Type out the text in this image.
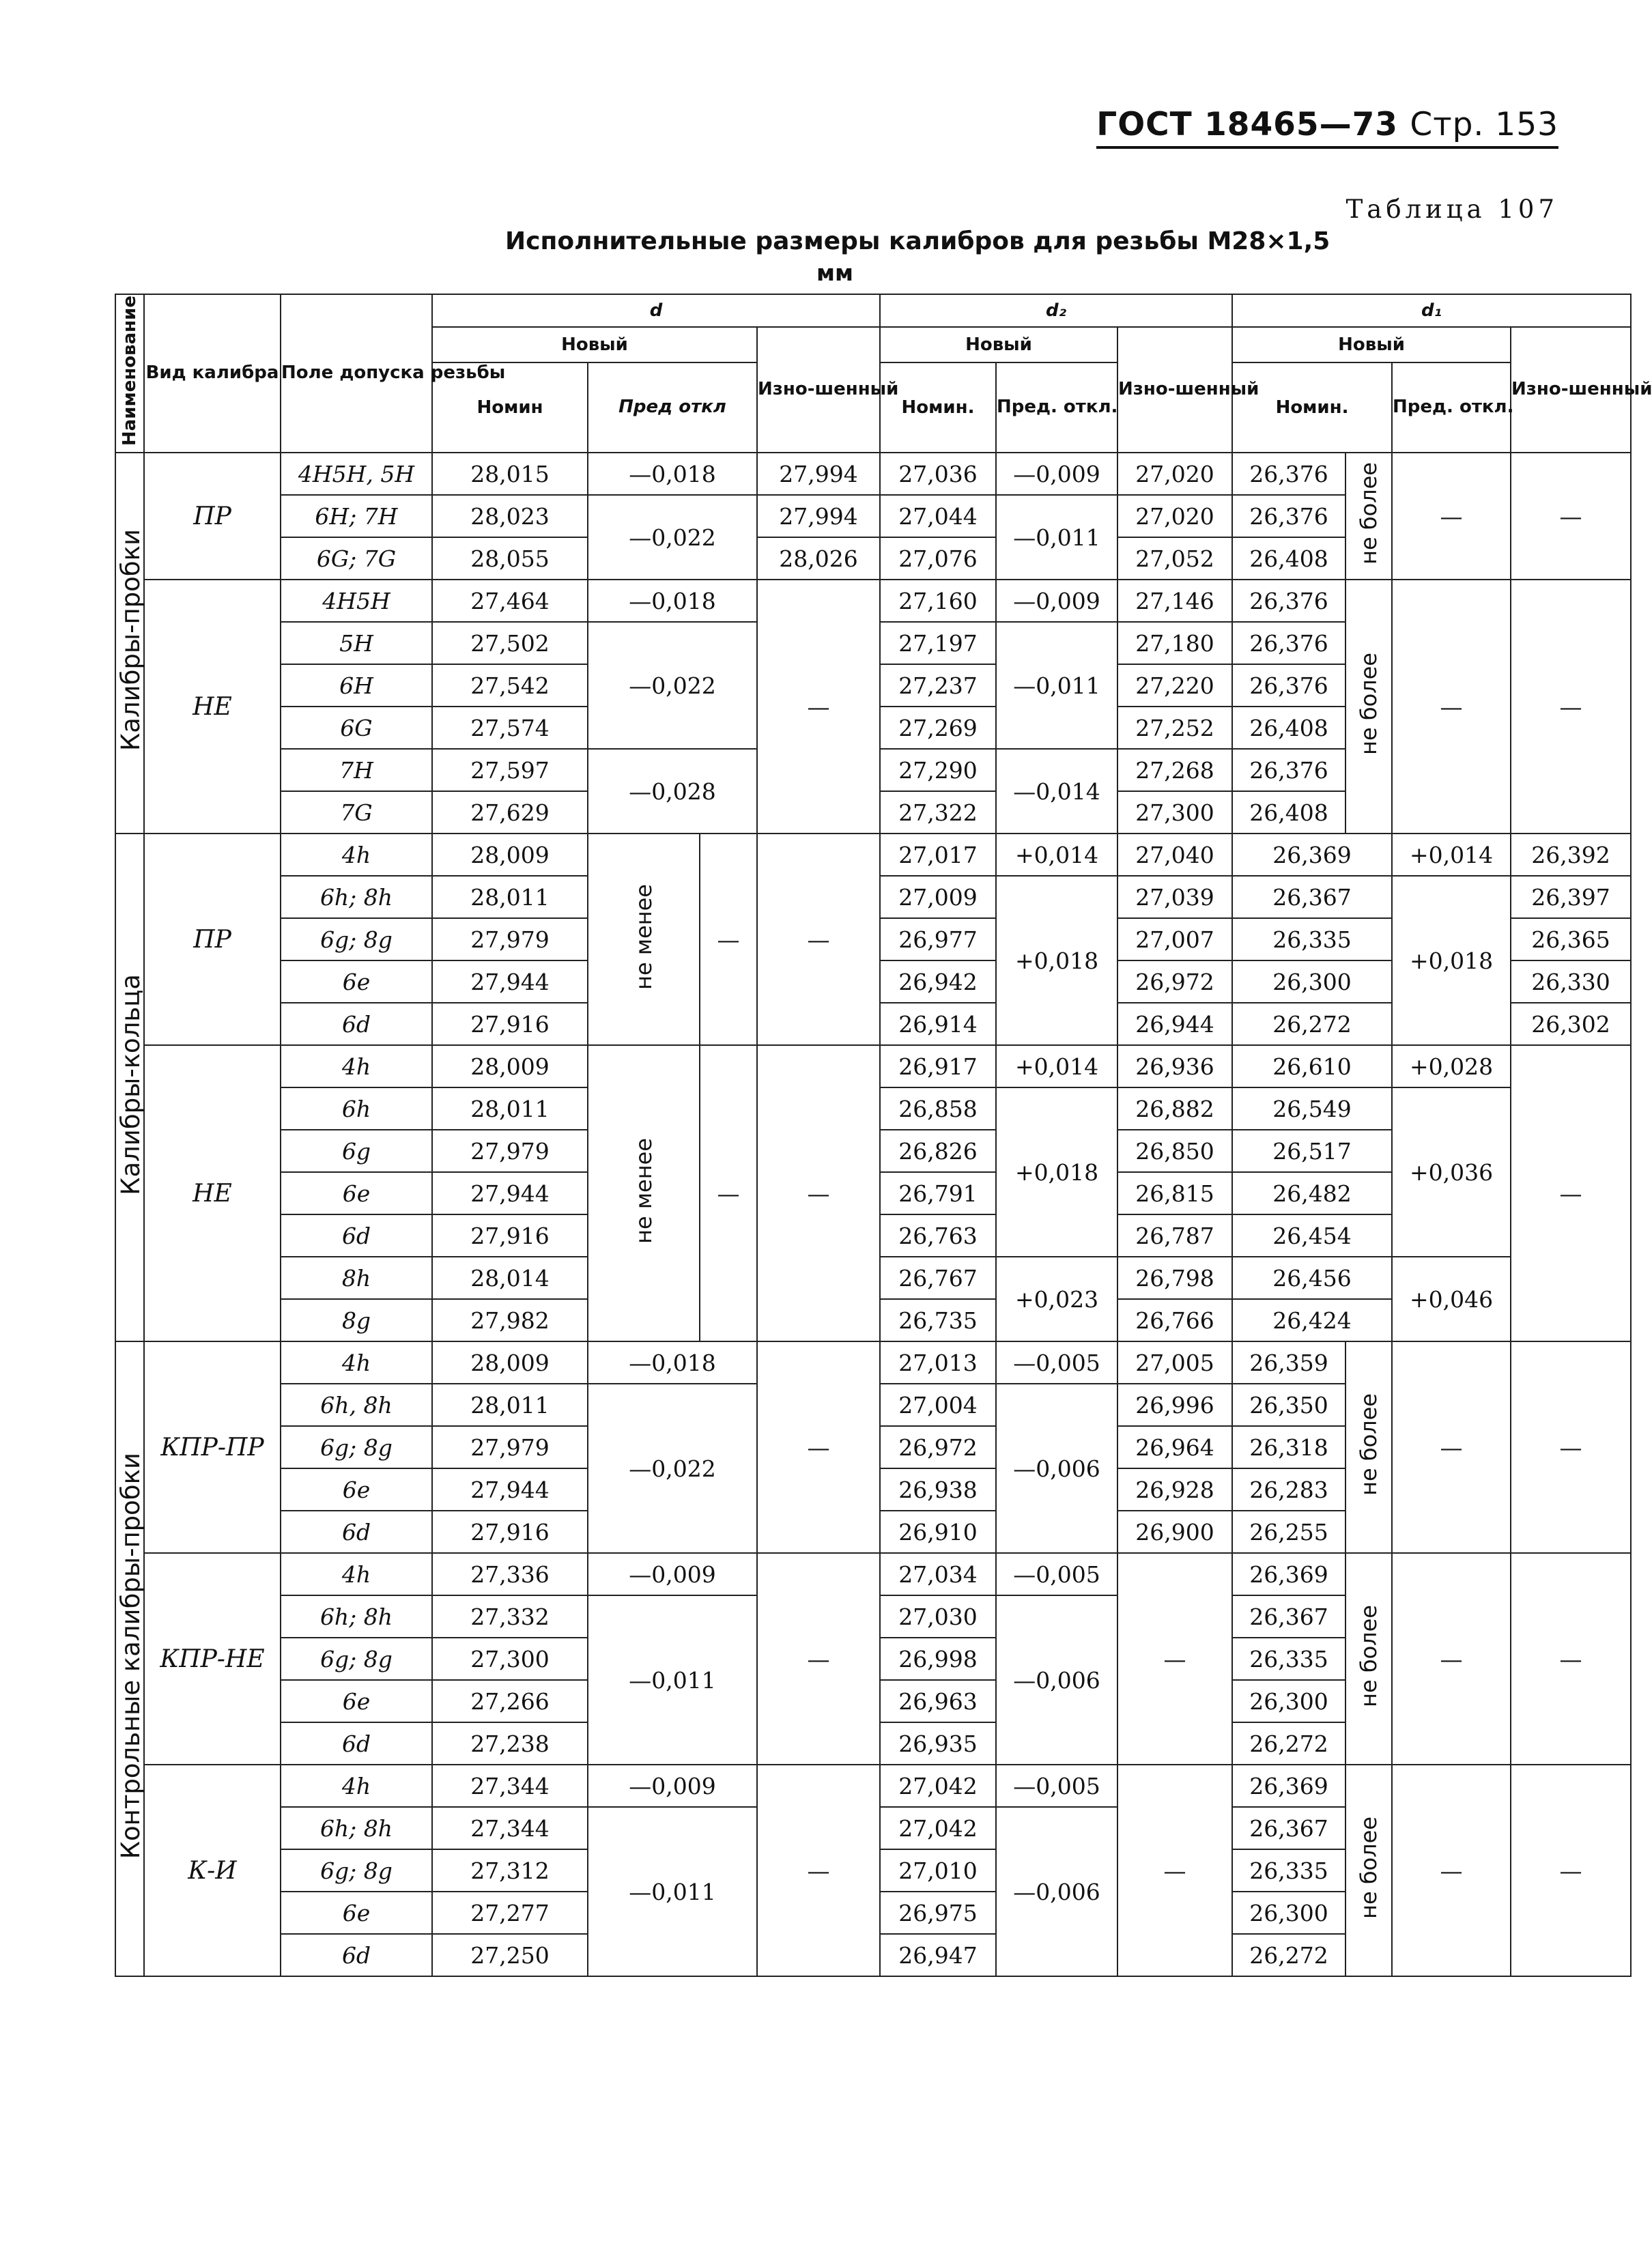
ГОСТ 18465—73 Стр. 153
Таблица 107
Исполнительные размеры калибров для резьбы M28×1,5
мм
Наименование	Вид калибра	Поле допуска резьбы	d				d₂			d₁			
			Новый			Изно-шенный	Новый		Изно-шенный	Новый			Изно-шенный
			Номин	Пред откл			Номин.	Пред. откл.		Номин.		Пред. откл.	
Калибры-пробки	ПР	4H5H, 5H	28,015	—0,018		27,994	27,036	—0,009	27,020	26,376	не более	—	—
		6H; 7H	28,023	—0,022		27,994	27,044	—0,011	27,020	26,376			
		6G; 7G	28,055			28,026	27,076		27,052	26,408			
	НЕ	4H5H	27,464	—0,018		—	27,160	—0,009	27,146	26,376	не более	—	—
		5H	27,502	—0,022			27,197	—0,011	27,180	26,376			
		6H	27,542				27,237		27,220	26,376			
		6G	27,574				27,269		27,252	26,408			
		7H	27,597	—0,028			27,290	—0,014	27,268	26,376			
		7G	27,629				27,322		27,300	26,408			
Калибры-кольца	ПР	4h	28,009	не менее	—	—	27,017	+0,014	27,040	26,369		+0,014	26,392
		6h; 8h	28,011				27,009	+0,018	27,039	26,367		+0,018	26,397
		6g; 8g	27,979				26,977		27,007	26,335			26,365
		6e	27,944				26,942		26,972	26,300			26,330
		6d	27,916				26,914		26,944	26,272			26,302
	НЕ	4h	28,009	не менее	—	—	26,917	+0,014	26,936	26,610		+0,028	—
		6h	28,011				26,858	+0,018	26,882	26,549		+0,036	
		6g	27,979				26,826		26,850	26,517			
		6e	27,944				26,791		26,815	26,482			
		6d	27,916				26,763		26,787	26,454			
		8h	28,014				26,767	+0,023	26,798	26,456		+0,046	
		8g	27,982				26,735		26,766	26,424			
Контрольные калибры-пробки	КПР-ПР	4h	28,009	—0,018		—	27,013	—0,005	27,005	26,359	не более	—	—
		6h, 8h	28,011	—0,022			27,004	—0,006	26,996	26,350			
		6g; 8g	27,979				26,972		26,964	26,318			
		6e	27,944				26,938		26,928	26,283			
		6d	27,916				26,910		26,900	26,255			
	КПР-НЕ	4h	27,336	—0,009		—	27,034	—0,005	—	26,369	не более	—	—
		6h; 8h	27,332	—0,011			27,030	—0,006		26,367			
		6g; 8g	27,300				26,998			26,335			
		6e	27,266				26,963			26,300			
		6d	27,238				26,935			26,272			
	К-И	4h	27,344	—0,009		—	27,042	—0,005	—	26,369	не более	—	—
		6h; 8h	27,344	—0,011			27,042	—0,006		26,367			
		6g; 8g	27,312				27,010			26,335			
		6e	27,277				26,975			26,300			
		6d	27,250				26,947			26,272			
